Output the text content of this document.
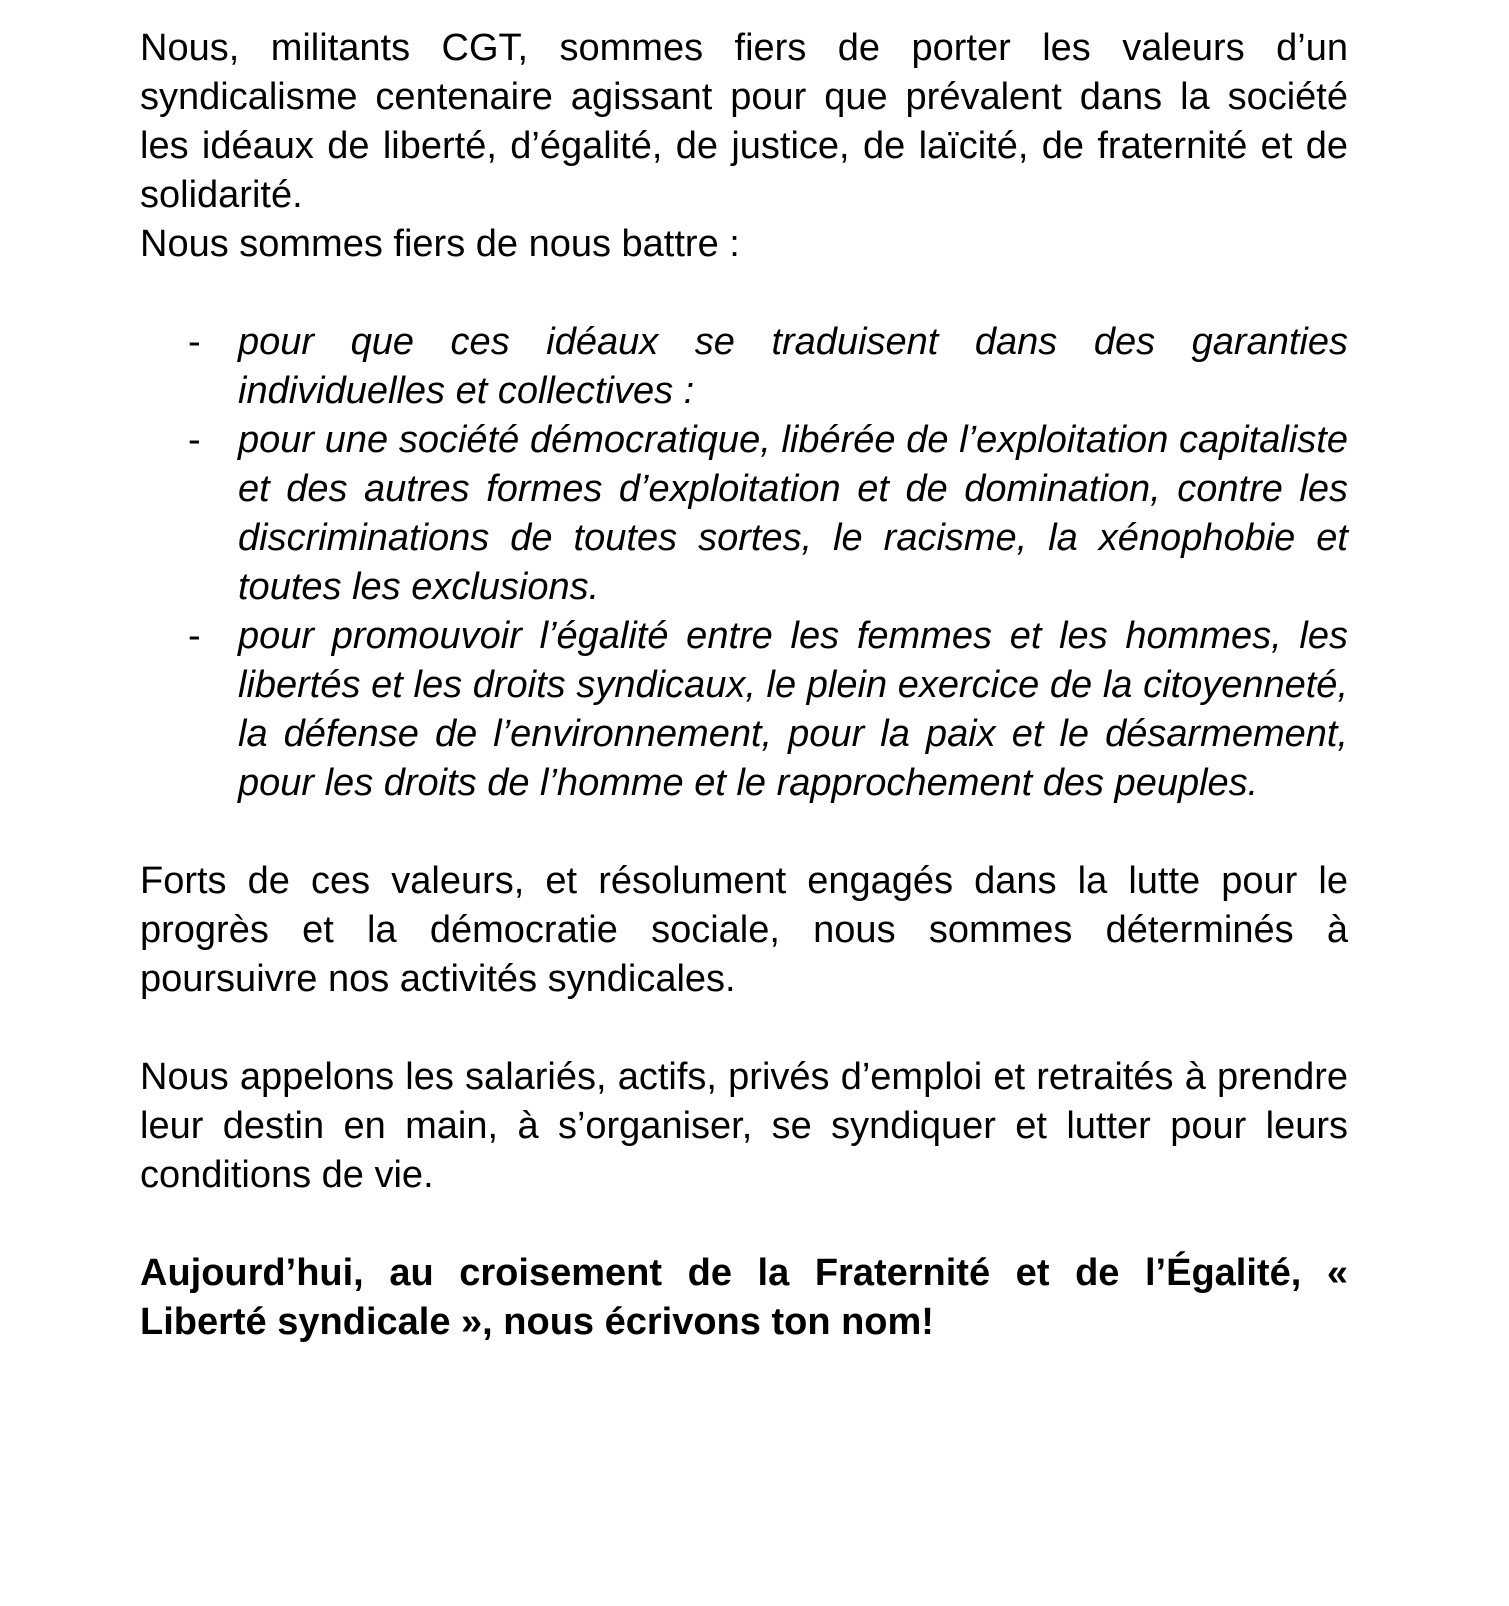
Nous, militants CGT, sommes fiers de porter les valeurs d’un syndicalisme centenaire agissant pour que prévalent dans la société les idéaux de liberté, d’égalité, de justice, de laïcité, de fraternité et de solidarité.

Nous sommes fiers de nous battre :

- pour que ces idéaux se traduisent dans des garanties individuelles et collectives :
- pour une société démocratique, libérée de l’exploitation capitaliste et des autres formes d’exploitation et de domination, contre les discriminations de toutes sortes, le racisme, la xénophobie et toutes les exclusions.
- pour promouvoir l’égalité entre les femmes et les hommes, les libertés et les droits syndicaux, le plein exercice de la citoyenneté, la défense de l’environnement, pour la paix et le désarmement, pour les droits de l’homme et le rapprochement des peuples.

Forts de ces valeurs, et résolument engagés dans la lutte pour le progrès et la démocratie sociale, nous sommes déterminés à poursuivre nos activités syndicales.

Nous appelons les salariés, actifs, privés d’emploi et retraités à prendre leur destin en main, à s’organiser, se syndiquer et lutter pour leurs conditions de vie.

Aujourd’hui, au croisement de la Fraternité et de l’Égalité, « Liberté syndicale », nous écrivons ton nom!
